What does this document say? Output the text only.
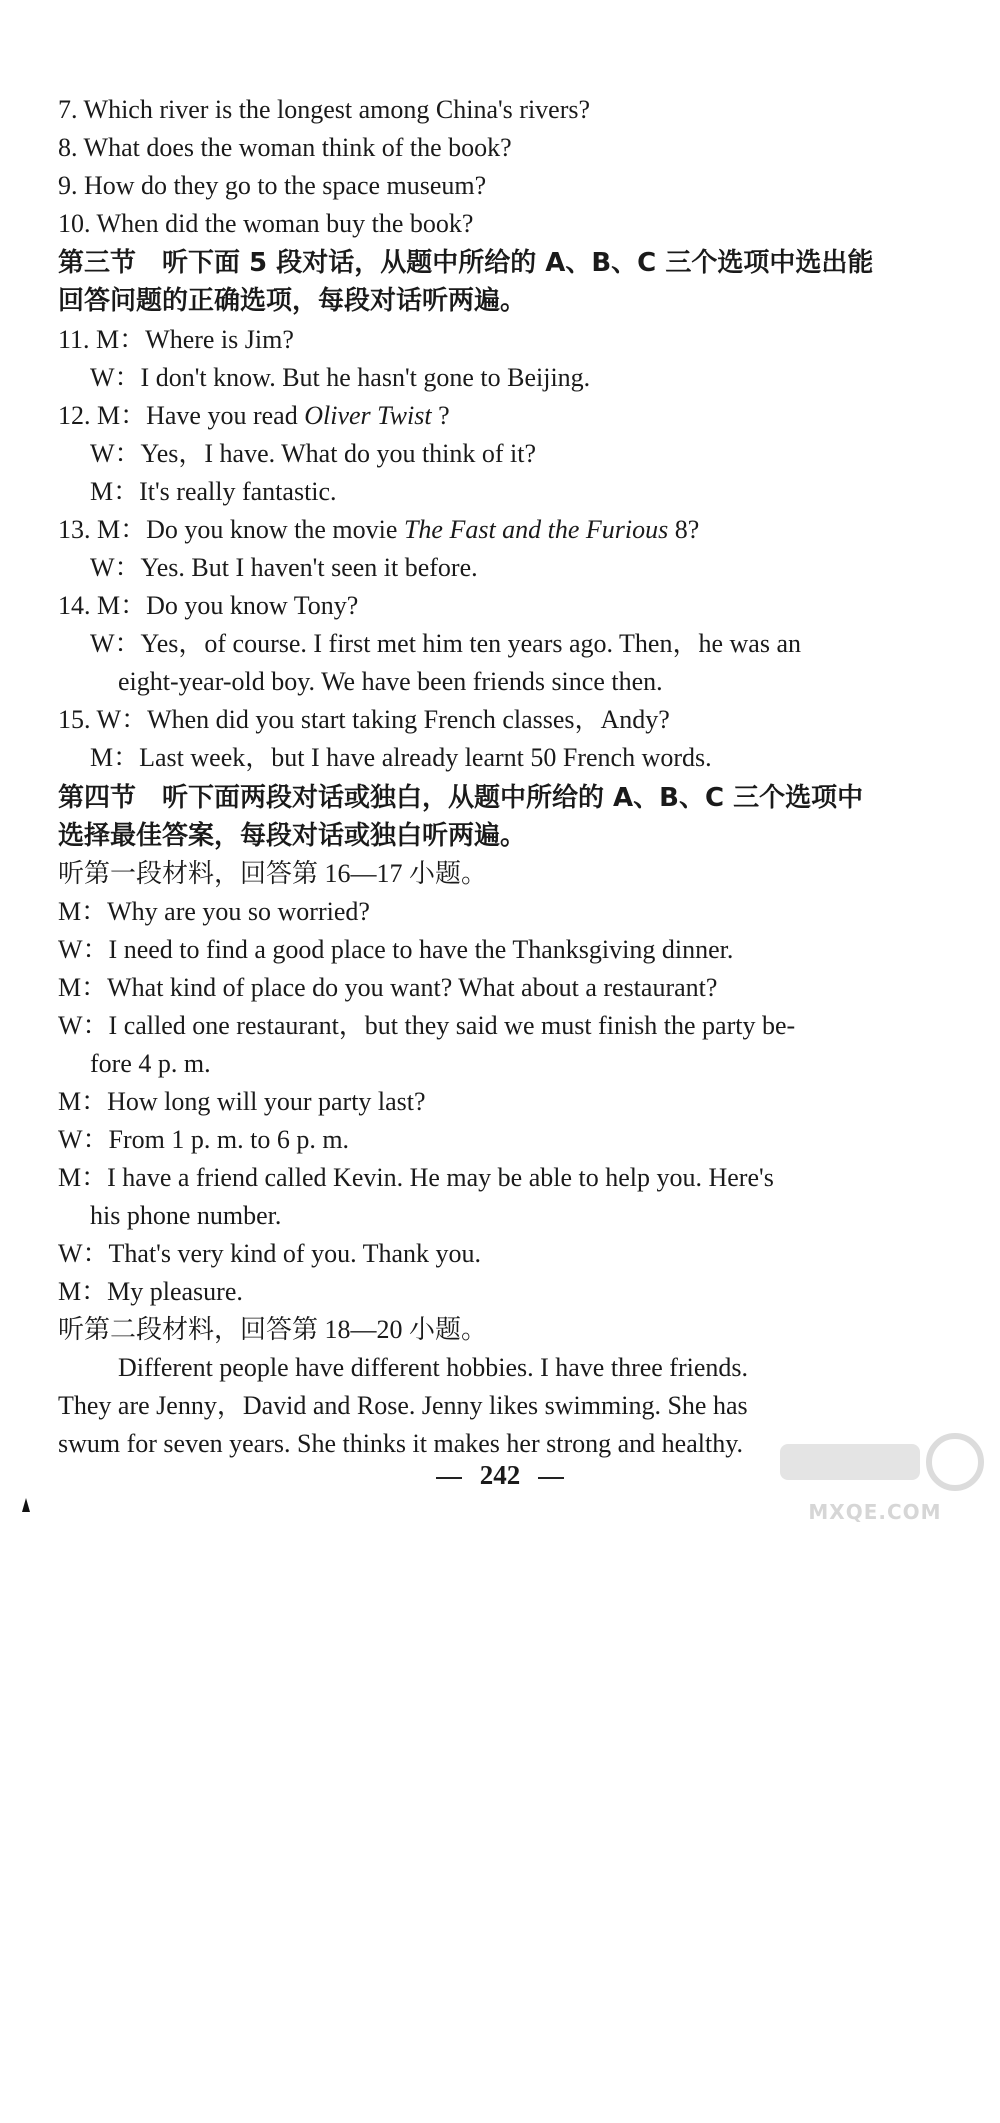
7. Which river is the longest among China's rivers?
8. What does the woman think of the book?
9. How do they go to the space museum?
10. When did the woman buy the book?
第三节　听下面 5 段对话，从题中所给的 A、B、C 三个选项中选出能
回答问题的正确选项，每段对话听两遍。
11. M：Where is Jim?
W：I don't know. But he hasn't gone to Beijing.
12. M：Have you read Oliver Twist ?
W：Yes，I have. What do you think of it?
M：It's really fantastic.
13. M：Do you know the movie The Fast and the Furious 8?
W：Yes. But I haven't seen it before.
14. M：Do you know Tony?
W：Yes，of course. I first met him ten years ago. Then，he was an
eight-year-old boy. We have been friends since then.
15. W：When did you start taking French classes，Andy?
M：Last week，but I have already learnt 50 French words.
第四节　听下面两段对话或独白，从题中所给的 A、B、C 三个选项中
选择最佳答案，每段对话或独白听两遍。
听第一段材料，回答第 16—17 小题。
M：Why are you so worried?
W：I need to find a good place to have the Thanksgiving dinner.
M：What kind of place do you want? What about a restaurant?
W：I called one restaurant，but they said we must finish the party be-
fore 4 p. m.
M：How long will your party last?
W：From 1 p. m. to 6 p. m.
M：I have a friend called Kevin. He may be able to help you. Here's
his phone number.
W：That's very kind of you. Thank you.
M：My pleasure.
听第二段材料，回答第 18—20 小题。
Different people have different hobbies. I have three friends.
They are Jenny，David and Rose. Jenny likes swimming. She has
swum for seven years. She thinks it makes her strong and healthy.
242
MXQE.COM
